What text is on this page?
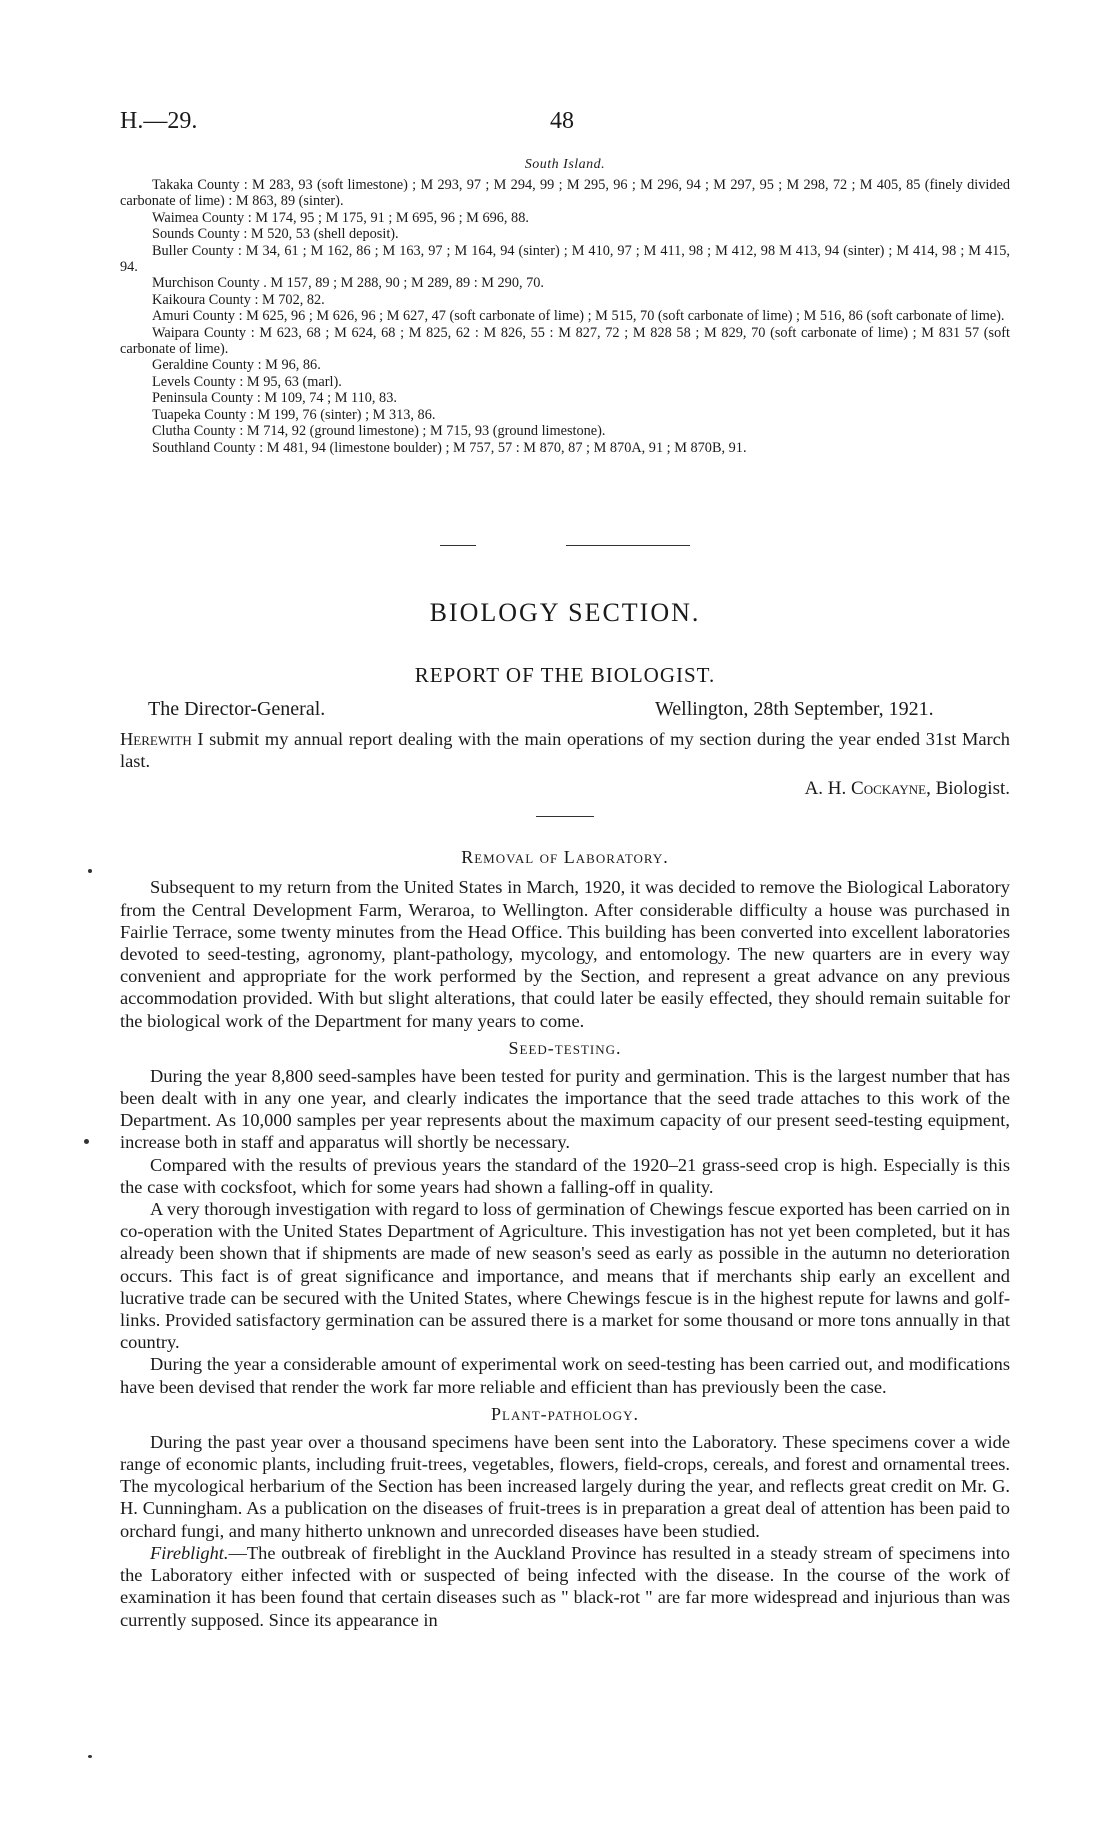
H.—29.	48

South Island.

Takaka County : M 283, 93 (soft limestone) ; M 293, 97 ; M 294, 99 ; M 295, 96 ; M 296, 94 ; M 297, 95 ; M 298, 72 ; M 405, 85 (finely divided carbonate of lime) : M 863, 89 (sinter).

Waimea County : M 174, 95 ; M 175, 91 ; M 695, 96 ; M 696, 88.

Sounds County : M 520, 53 (shell deposit).

Buller County : M 34, 61 ; M 162, 86 ; M 163, 97 ; M 164, 94 (sinter) ; M 410, 97 ; M 411, 98 ; M 412, 98 M 413, 94 (sinter) ; M 414, 98 ; M 415, 94.

Murchison County . M 157, 89 ; M 288, 90 ; M 289, 89 : M 290, 70.

Kaikoura County : M 702, 82.

Amuri County : M 625, 96 ; M 626, 96 ; M 627, 47 (soft carbonate of lime) ; M 515, 70 (soft carbonate of lime) ; M 516, 86 (soft carbonate of lime).

Waipara County : M 623, 68 ; M 624, 68 ; M 825, 62 : M 826, 55 : M 827, 72 ; M 828 58 ; M 829, 70 (soft carbonate of lime) ; M 831 57 (soft carbonate of lime).

Geraldine County : M 96, 86.

Levels County : M 95, 63 (marl).

Peninsula County : M 109, 74 ; M 110, 83.

Tuapeka County : M 199, 76 (sinter) ; M 313, 86.

Clutha County : M 714, 92 (ground limestone) ; M 715, 93 (ground limestone).

Southland County : M 481, 94 (limestone boulder) ; M 757, 57 : M 870, 87 ; M 870A, 91 ; M 870B, 91.

BIOLOGY SECTION.

REPORT OF THE BIOLOGIST.

The Director-General.	Wellington, 28th September, 1921.

Herewith I submit my annual report dealing with the main operations of my section during the year ended 31st March last.

A. H. Cockayne, Biologist.

Removal of Laboratory.

Subsequent to my return from the United States in March, 1920, it was decided to remove the Biological Laboratory from the Central Development Farm, Weraroa, to Wellington. After considerable difficulty a house was purchased in Fairlie Terrace, some twenty minutes from the Head Office. This building has been converted into excellent laboratories devoted to seed-testing, agronomy, plant-pathology, mycology, and entomology. The new quarters are in every way convenient and appropriate for the work performed by the Section, and represent a great advance on any previous accommodation provided. With but slight alterations, that could later be easily effected, they should remain suitable for the biological work of the Department for many years to come.

Seed-testing.

During the year 8,800 seed-samples have been tested for purity and germination. This is the largest number that has been dealt with in any one year, and clearly indicates the importance that the seed trade attaches to this work of the Department. As 10,000 samples per year represents about the maximum capacity of our present seed-testing equipment, increase both in staff and apparatus will shortly be necessary.

Compared with the results of previous years the standard of the 1920–21 grass-seed crop is high. Especially is this the case with cocksfoot, which for some years had shown a falling-off in quality.

A very thorough investigation with regard to loss of germination of Chewings fescue exported has been carried on in co-operation with the United States Department of Agriculture. This investigation has not yet been completed, but it has already been shown that if shipments are made of new season's seed as early as possible in the autumn no deterioration occurs. This fact is of great significance and importance, and means that if merchants ship early an excellent and lucrative trade can be secured with the United States, where Chewings fescue is in the highest repute for lawns and golf-links. Provided satisfactory germination can be assured there is a market for some thousand or more tons annually in that country.

During the year a considerable amount of experimental work on seed-testing has been carried out, and modifications have been devised that render the work far more reliable and efficient than has previously been the case.

Plant-pathology.

During the past year over a thousand specimens have been sent into the Laboratory. These specimens cover a wide range of economic plants, including fruit-trees, vegetables, flowers, field-crops, cereals, and forest and ornamental trees. The mycological herbarium of the Section has been increased largely during the year, and reflects great credit on Mr. G. H. Cunningham. As a publication on the diseases of fruit-trees is in preparation a great deal of attention has been paid to orchard fungi, and many hitherto unknown and unrecorded diseases have been studied.

Fireblight.—The outbreak of fireblight in the Auckland Province has resulted in a steady stream of specimens into the Laboratory either infected with or suspected of being infected with the disease. In the course of the work of examination it has been found that certain diseases such as " black-rot " are far more widespread and injurious than was currently supposed. Since its appearance in
